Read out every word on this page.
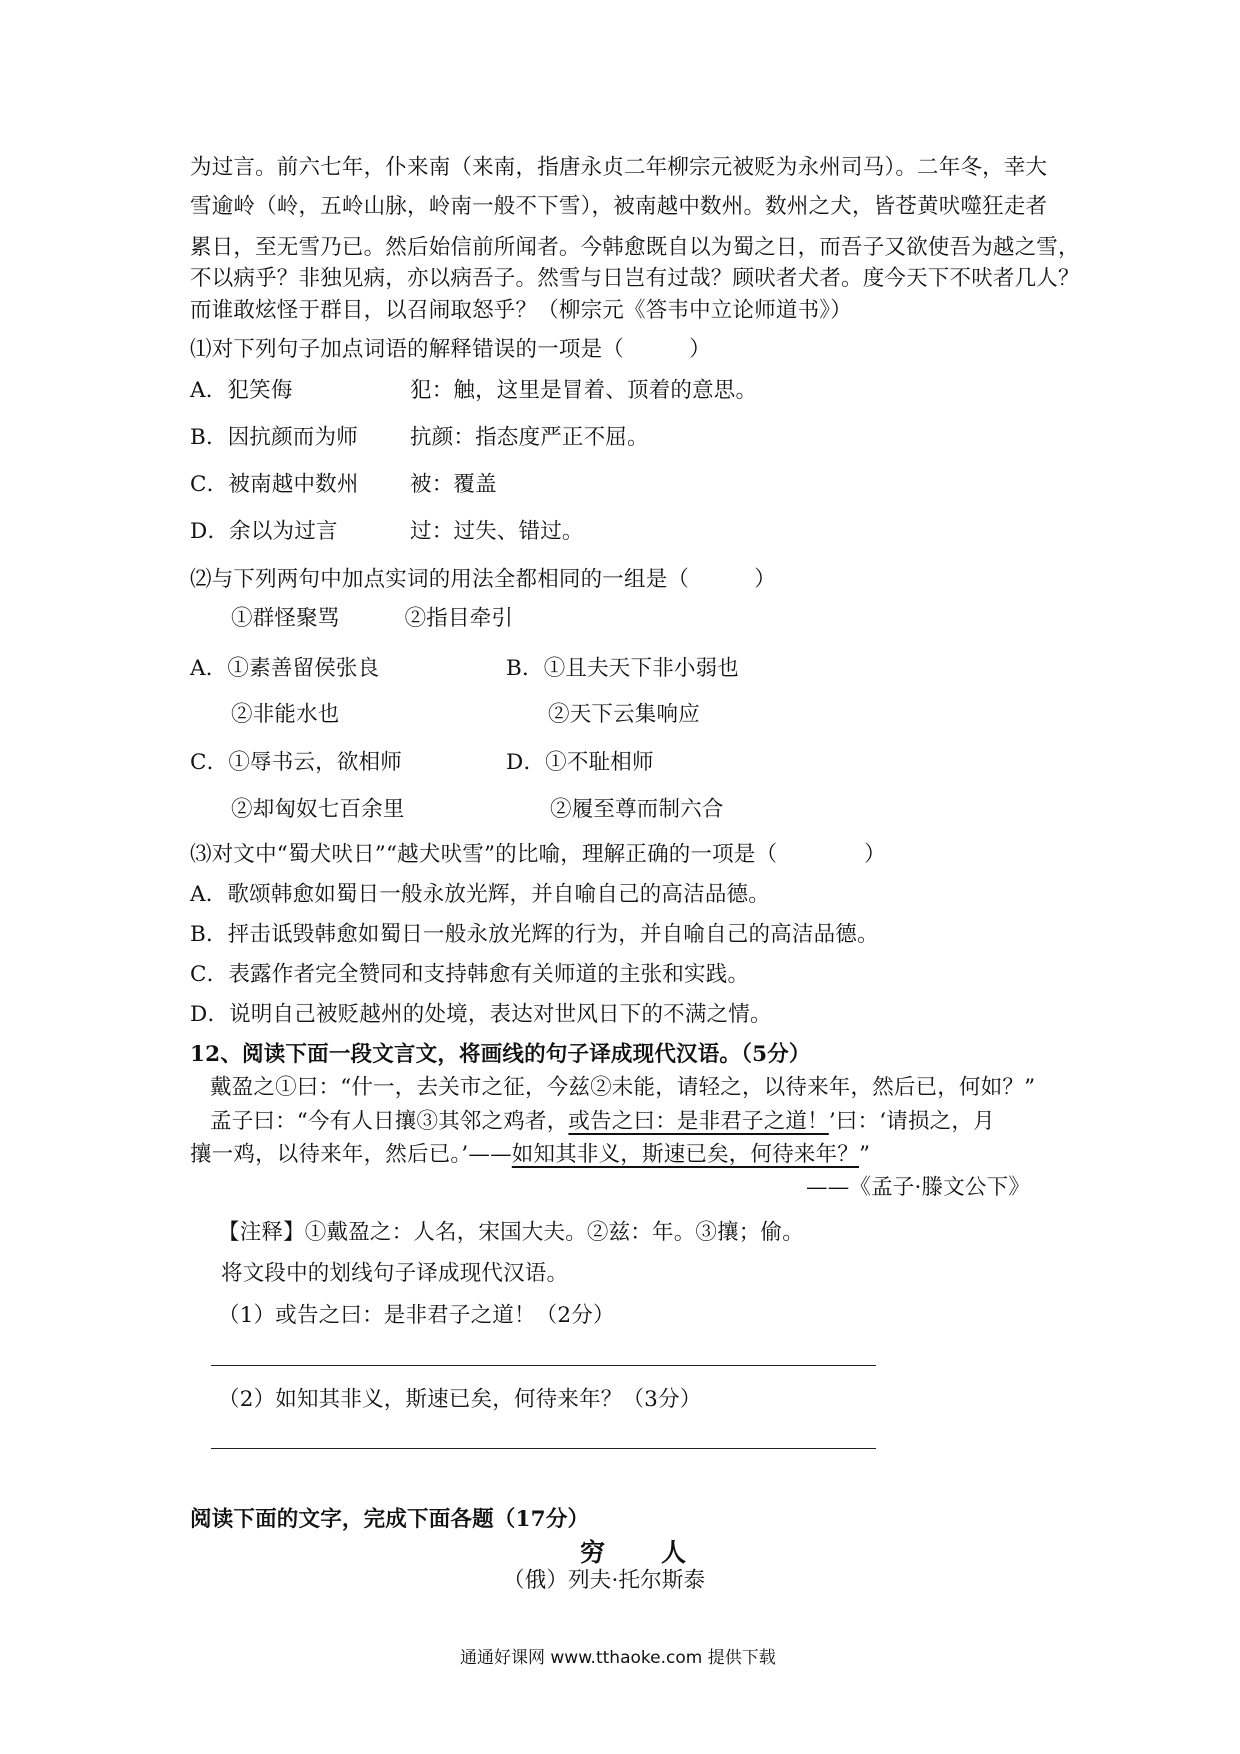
为过言。前六七年，仆来南（来南，指唐永贞二年柳宗元被贬为永州司马）。二年冬，幸大
雪逾岭（岭，五岭山脉，岭南一般不下雪），被南越中数州。数州之犬，皆苍黄吠噬狂走者
累日，至无雪乃已。然后始信前所闻者。今韩愈既自以为蜀之日，而吾子又欲使吾为越之雪，
不以病乎？非独见病，亦以病吾子。然雪与日岂有过哉？顾吠者犬者。度今天下不吠者几人？
而谁敢炫怪于群目，以召闹取怒乎？（柳宗元《答韦中立论师道书》）
⑴对下列句子加点词语的解释错误的一项是（　　　）
A．犯笑侮	犯：触，这里是冒着、顶着的意思。
B．因抗颜而为师 抗颜：指态度严正不屈。
C．被南越中数州 被：覆盖
D．余以为过言	过：过失、错过。
⑵与下列两句中加点实词的用法全都相同的一组是（　　　）
①群怪聚骂　　　②指目牵引
A．①素善留侯张良	B．①且夫天下非小弱也
②非能水也	②天下云集响应
C．①辱书云，欲相师	D．①不耻相师
②却匈奴七百余里	②履至尊而制六合
⑶对文中“蜀犬吠日”“越犬吠雪”的比喻，理解正确的一项是（　　　　）
A．歌颂韩愈如蜀日一般永放光辉，并自喻自己的高洁品德。
B．抨击诋毁韩愈如蜀日一般永放光辉的行为，并自喻自己的高洁品德。
C．表露作者完全赞同和支持韩愈有关师道的主张和实践。
D．说明自己被贬越州的处境，表达对世风日下的不满之情。
12、阅读下面一段文言文，将画线的句子译成现代汉语。（5分）
戴盈之①曰：“什一，去关市之征，今兹②未能，请轻之，以待来年，然后已，何如？”
孟子曰：“今有人日攘③其邻之鸡者，或告之曰：是非君子之道！’曰：‘请损之，月
攘一鸡，以待来年，然后已。’——如知其非义，斯速已矣，何待来年？”
——《孟子·滕文公下》
【注释】①戴盈之：人名，宋国大夫。②兹：年。③攘；偷。
将文段中的划线句子译成现代汉语。
（1）或告之曰：是非君子之道！（2分）
（2）如知其非义，斯速已矣，何待来年？（3分）
阅读下面的文字，完成下面各题（17分）
穷　　人
（俄）列夫·托尔斯泰
通通好课网 www.tthaoke.com 提供下载
